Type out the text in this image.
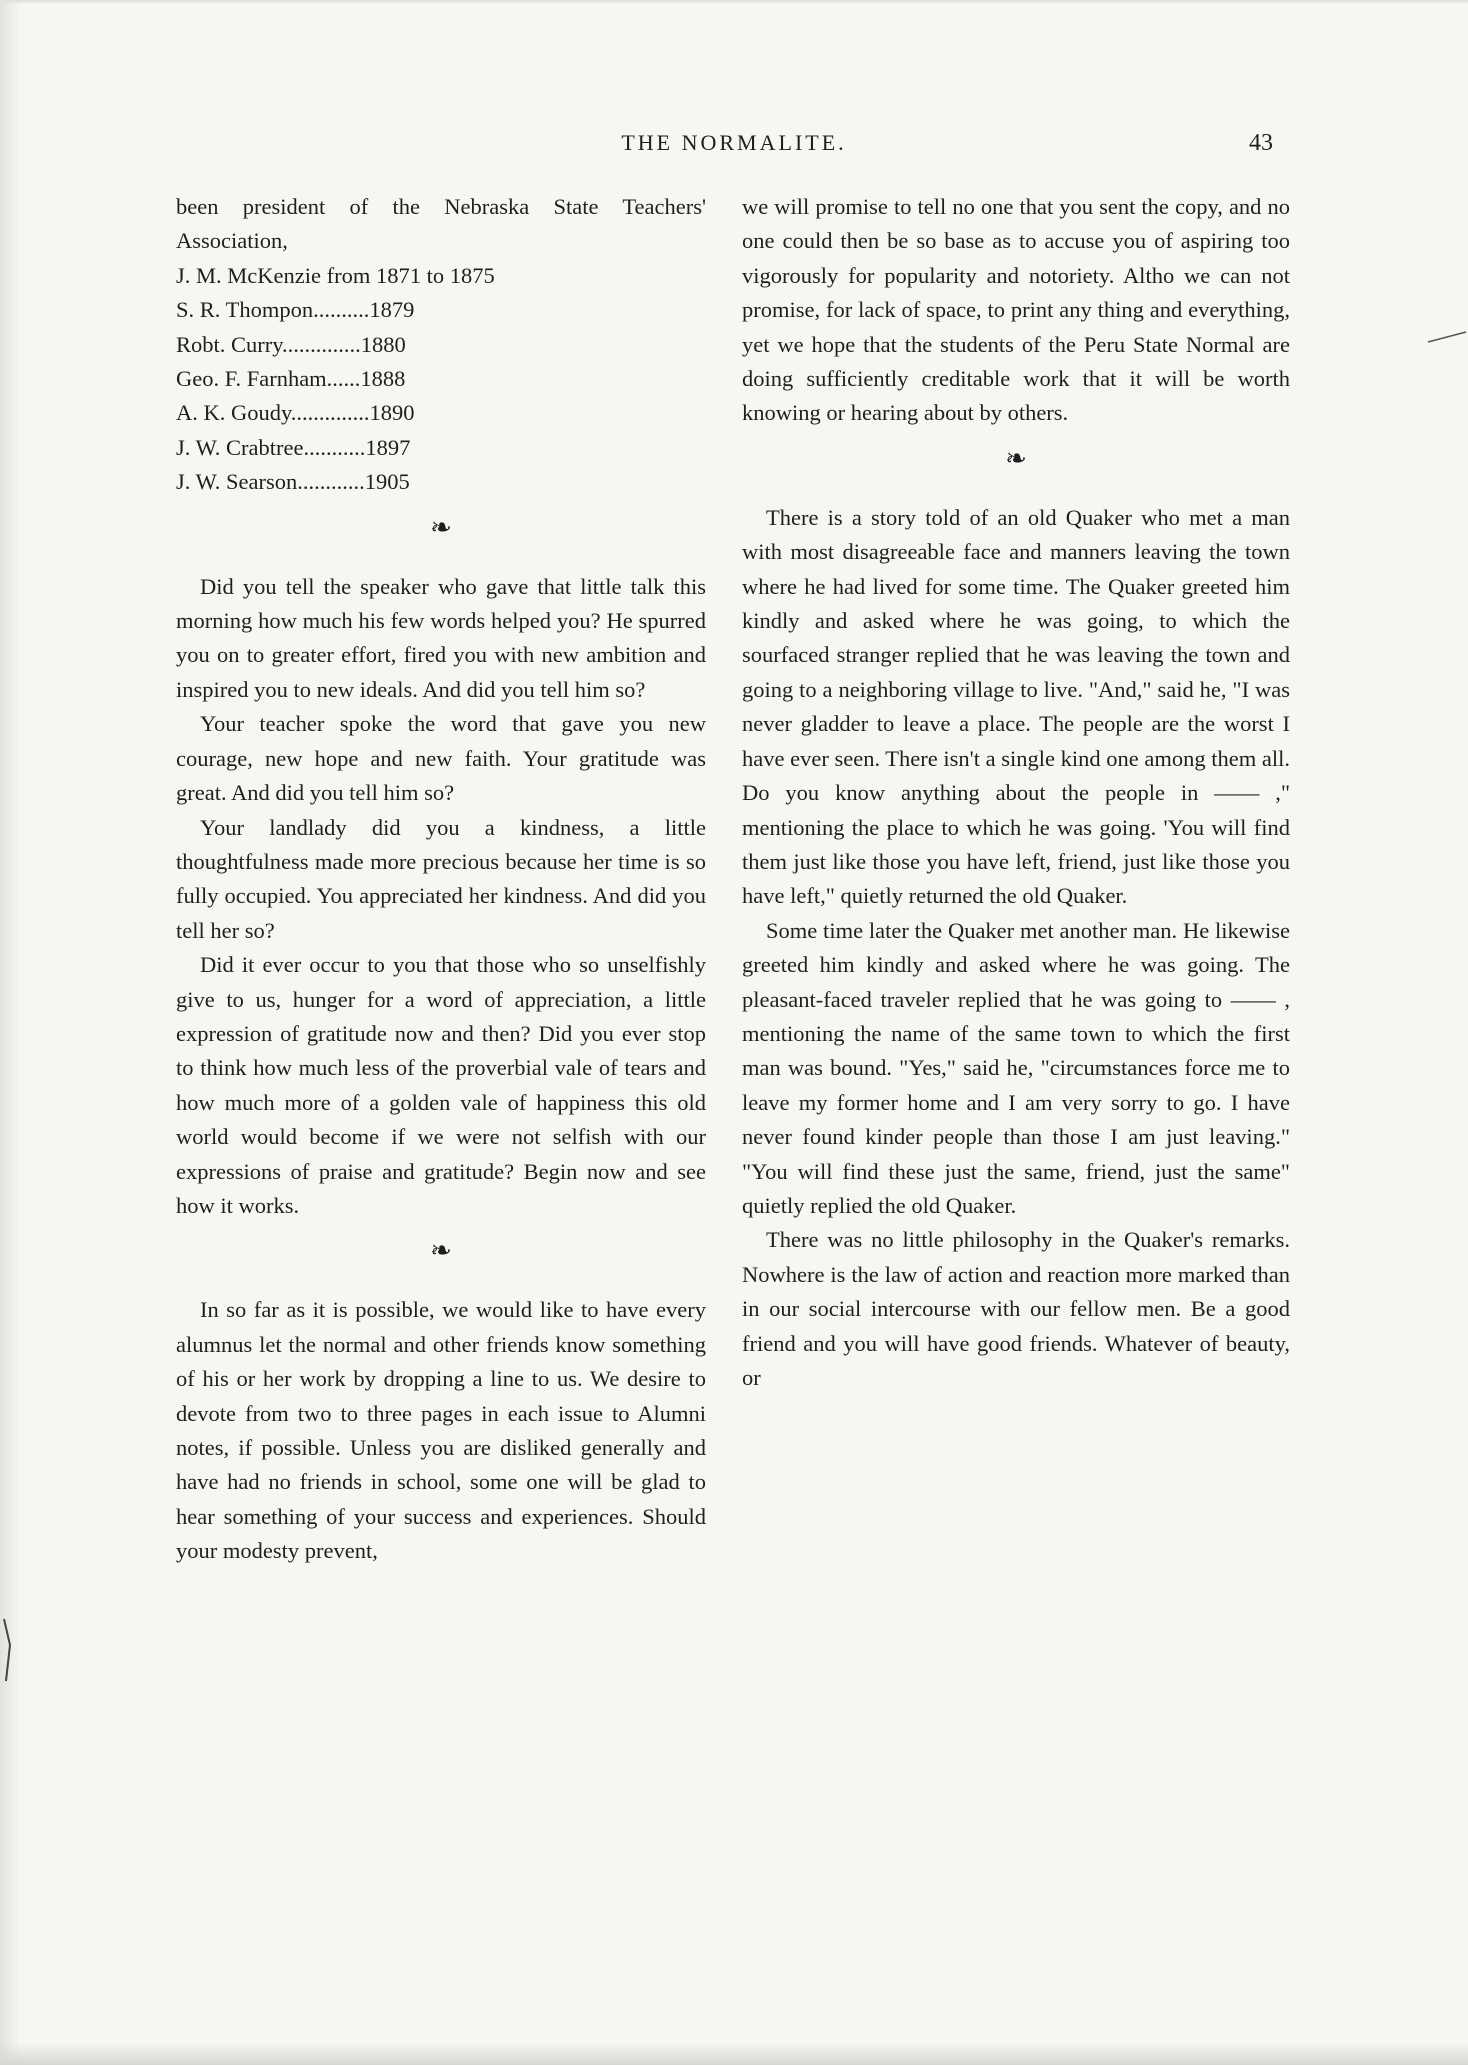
THE NORMALITE.	43

been president of the Nebraska State Teachers' Association,

J. M. McKenzie from 1871 to 1875
S. R. Thompon..........1879
Robt. Curry..............1880
Geo. F. Farnham......1888
A. K. Goudy..............1890
J. W. Crabtree...........1897
J. W. Searson............1905
❧

Did you tell the speaker who gave that little talk this morning how much his few words helped you? He spurred you on to greater effort, fired you with new ambition and inspired you to new ideals. And did you tell him so?

Your teacher spoke the word that gave you new courage, new hope and new faith. Your gratitude was great. And did you tell him so?

Your landlady did you a kindness, a little thoughtfulness made more precious because her time is so fully occupied. You appreciated her kindness. And did you tell her so?

Did it ever occur to you that those who so unselfishly give to us, hunger for a word of appreciation, a little expression of gratitude now and then? Did you ever stop to think how much less of the proverbial vale of tears and how much more of a golden vale of happiness this old world would become if we were not selfish with our expressions of praise and gratitude? Begin now and see how it works.

❧

In so far as it is possible, we would like to have every alumnus let the normal and other friends know something of his or her work by dropping a line to us. We desire to devote from two to three pages in each issue to Alumni notes, if possible. Unless you are disliked generally and have had no friends in school, some one will be glad to hear something of your success and experiences. Should your modesty prevent,

we will promise to tell no one that you sent the copy, and no one could then be so base as to accuse you of aspiring too vigorously for popularity and notoriety. Altho we can not promise, for lack of space, to print any thing and everything, yet we hope that the students of the Peru State Normal are doing sufficiently creditable work that it will be worth knowing or hearing about by others.

❧

There is a story told of an old Quaker who met a man with most disagreeable face and manners leaving the town where he had lived for some time. The Quaker greeted him kindly and asked where he was going, to which the sourfaced stranger replied that he was leaving the town and going to a neighboring village to live. "And," said he, "I was never gladder to leave a place. The people are the worst I have ever seen. There isn't a single kind one among them all. Do you know anything about the people in —— ," mentioning the place to which he was going. 'You will find them just like those you have left, friend, just like those you have left," quietly returned the old Quaker.

Some time later the Quaker met another man. He likewise greeted him kindly and asked where he was going. The pleasant-faced traveler replied that he was going to —— , mentioning the name of the same town to which the first man was bound. "Yes," said he, "circumstances force me to leave my former home and I am very sorry to go. I have never found kinder people than those I am just leaving." "You will find these just the same, friend, just the same" quietly replied the old Quaker.

There was no little philosophy in the Quaker's remarks. Nowhere is the law of action and reaction more marked than in our social intercourse with our fellow men. Be a good friend and you will have good friends. Whatever of beauty, or
